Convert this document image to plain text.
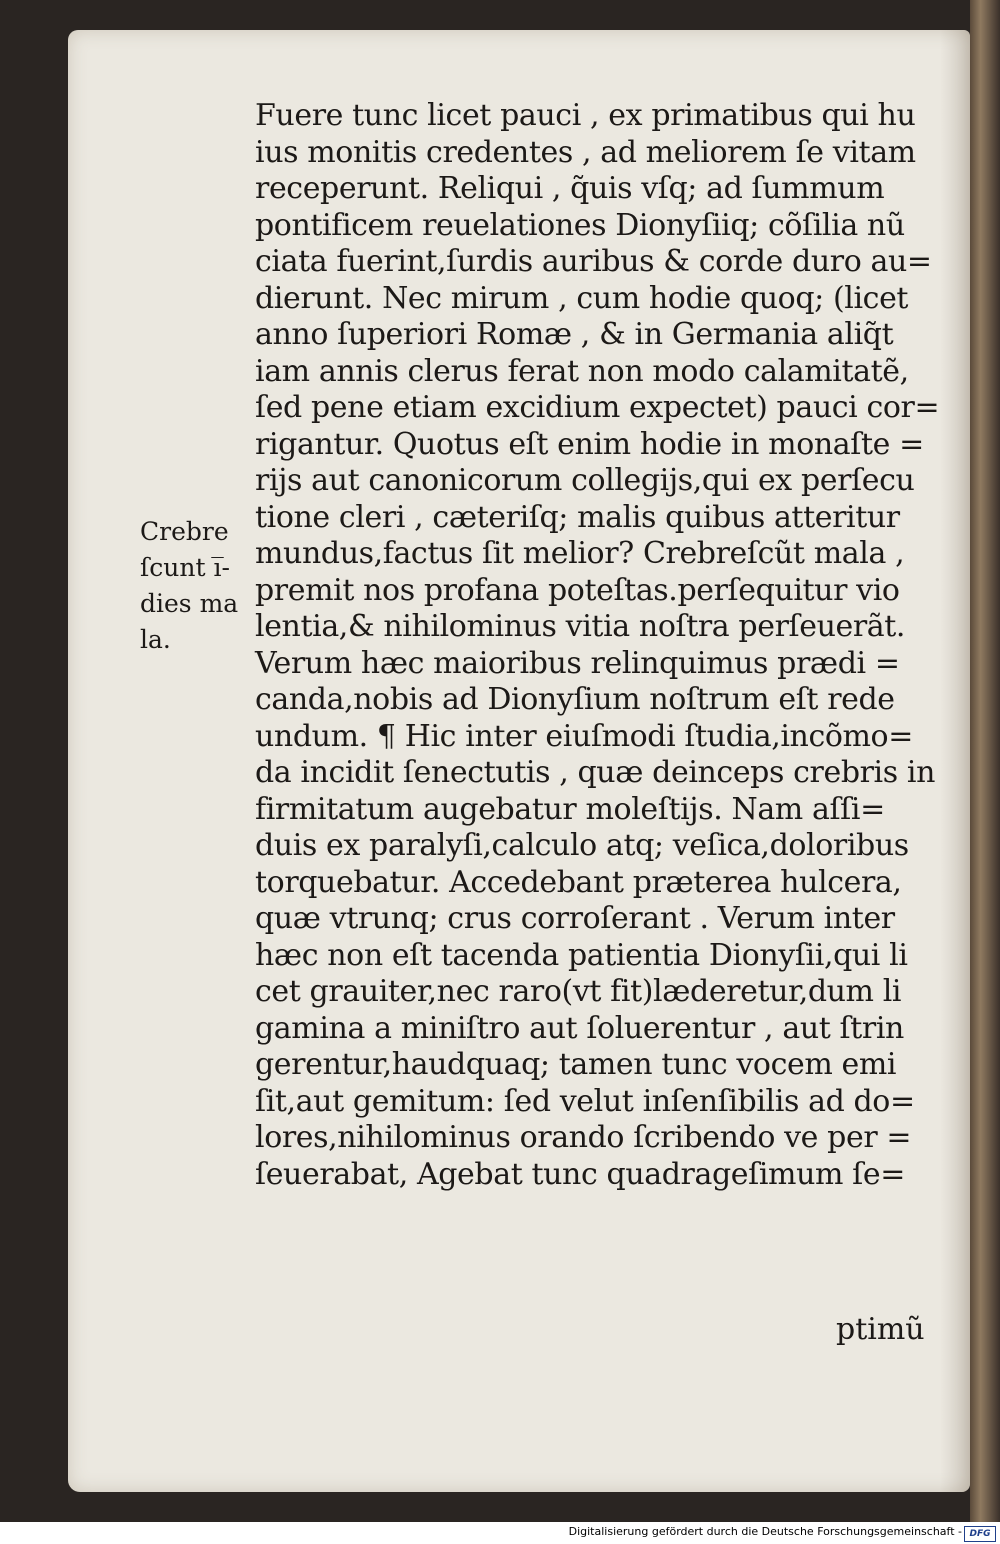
Crebre
ſcunt i̅-
dies ma
la.
Fuere tunc licet pauci , ex primatibus qui hu
ius monitis credentes , ad meliorem ſe vitam
receperunt. Reliqui , q̃uis vſq; ad ſummum
pontificem reuelationes Dionyſiiq; cõſilia nũ
ciata fuerint,ſurdis auribus & corde duro au=
dierunt. Nec mirum , cum hodie quoq; (licet
anno ſuperiori Romæ , & in Germania aliq̃t
iam annis clerus ferat non modo calamitatẽ,
ſed pene etiam excidium expectet) pauci cor=
rigantur. Quotus eſt enim hodie in monaſte =
rijs aut canonicorum collegijs,qui ex perſecu
tione cleri , cæteriſq; malis quibus atteritur
mundus,factus ſit melior? Crebreſcũt mala ,
premit nos profana poteſtas.perſequitur vio
lentia,& nihilominus vitia noſtra perſeuerãt.
Verum hæc maioribus relinquimus prædi =
canda,nobis ad Dionyſium noſtrum eſt rede
undum. ¶ Hic inter eiuſmodi ſtudia,incõmo=
da incidit ſenectutis , quæ deinceps crebris in
firmitatum augebatur moleſtijs. Nam aſſi=
duis ex paralyſi,calculo atq; veſica,doloribus
torquebatur. Accedebant præterea hulcera,
quæ vtrunq; crus corroſerant . Verum inter
hæc non eſt tacenda patientia Dionyſii,qui li
cet grauiter,nec raro(vt fit)læderetur,dum li
gamina a miniſtro aut ſoluerentur , aut ſtrin
gerentur,haudquaq; tamen tunc vocem emi
ſit,aut gemitum: ſed velut inſenſibilis ad do=
lores,nihilominus orando ſcribendo ve per =
ſeuerabat, Agebat tunc quadrageſimum ſe=
ptimũ
Digitalisierung gefördert durch die Deutsche Forschungsgemeinschaft - DFG
